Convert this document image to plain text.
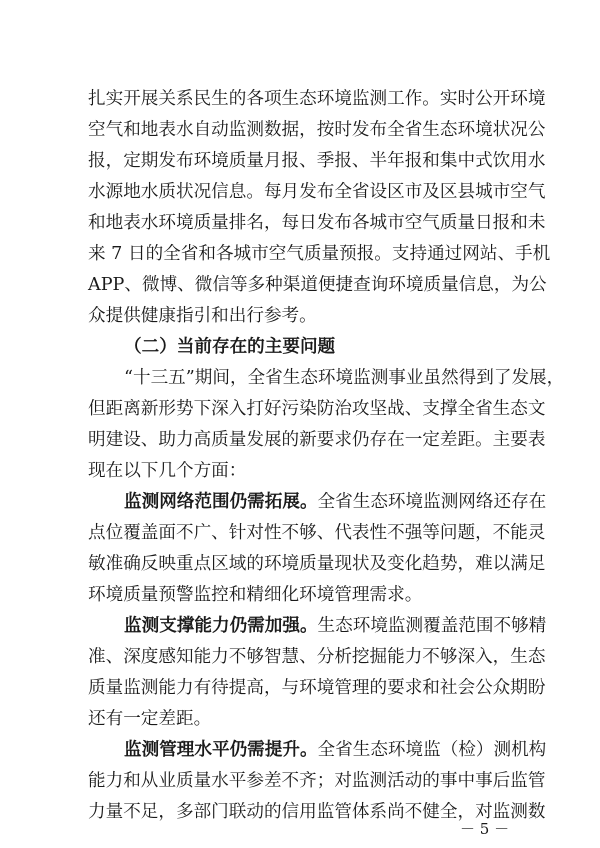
扎实开展关系民生的各项生态环境监测工作。实时公开环境
空气和地表水自动监测数据，按时发布全省生态环境状况公
报，定期发布环境质量月报、季报、半年报和集中式饮用水
水源地水质状况信息。每月发布全省设区市及区县城市空气
和地表水环境质量排名，每日发布各城市空气质量日报和未
来 7 日的全省和各城市空气质量预报。支持通过网站、手机
APP、微博、微信等多种渠道便捷查询环境质量信息，为公
众提供健康指引和出行参考。
（二）当前存在的主要问题
“十三五”期间，全省生态环境监测事业虽然得到了发展，
但距离新形势下深入打好污染防治攻坚战、支撑全省生态文
明建设、助力高质量发展的新要求仍存在一定差距。主要表
现在以下几个方面：
监测网络范围仍需拓展。全省生态环境监测网络还存在
点位覆盖面不广、针对性不够、代表性不强等问题，不能灵
敏准确反映重点区域的环境质量现状及变化趋势，难以满足
环境质量预警监控和精细化环境管理需求。
监测支撑能力仍需加强。生态环境监测覆盖范围不够精
准、深度感知能力不够智慧、分析挖掘能力不够深入，生态
质量监测能力有待提高，与环境管理的要求和社会公众期盼
还有一定差距。
监测管理水平仍需提升。全省生态环境监（检）测机构
能力和从业质量水平参差不齐；对监测活动的事中事后监管
力量不足，多部门联动的信用监管体系尚不健全，对监测数
－ 5 －
